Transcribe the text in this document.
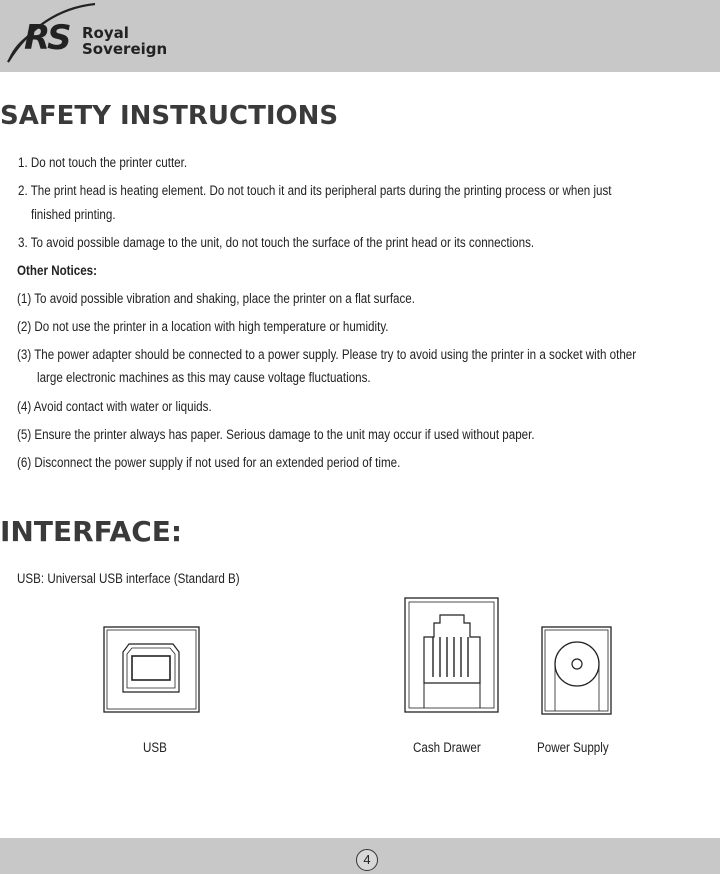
RS Royal
Sovereign
SAFETY INSTRUCTIONS

1. Do not touch the printer cutter.

2. The print head is heating element. Do not touch it and its peripheral parts during the printing process or when just

finished printing.

3. To avoid possible damage to the unit, do not touch the surface of the print head or its connections.

Other Notices:

(1) To avoid possible vibration and shaking, place the printer on a flat surface.

(2) Do not use the printer in a location with high temperature or humidity.

(3) The power adapter should be connected to a power supply. Please try to avoid using the printer in a socket with other

large electronic machines as this may cause voltage fluctuations.

(4) Avoid contact with water or liquids.

(5) Ensure the printer always has paper. Serious damage to the unit may occur if used without paper.

(6) Disconnect the power supply if not used for an extended period of time.

INTERFACE:

USB: Universal USB interface (Standard B)

USB	Cash Drawer	Power Supply

4
